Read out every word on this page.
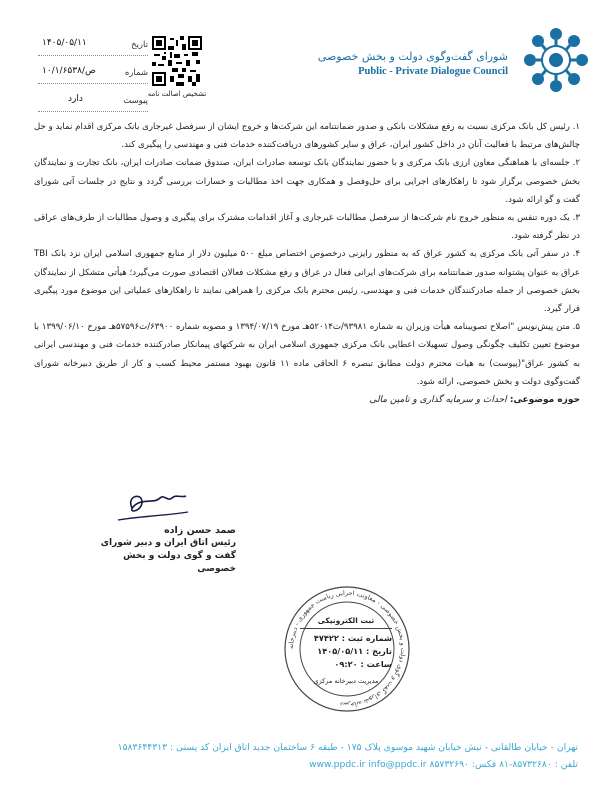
شورای گفت‌وگوی دولت و بخش خصوصی
Public - Private Dialogue Council
تاریخ
۱۴۰۵/۰۵/۱۱
شماره
ص/۱۰/۱/۶۵۳۸
پیوست
دارد	تشخیص اصالت نامه

۱. رئیس کل بانک مرکزی نسبت به رفع مشکلات بانکی و صدور ضمانتنامه این شرکت‌ها و خروج ایشان از سرفصل غیرجاری بانک مرکزی اقدام نماید و حل چالش‌های مرتبط با فعالیت آنان در داخل کشور ایران، عراق و سایر کشورهای دریافت‌کننده خدمات فنی و مهندسی را پیگیری کند.

۲. جلسه‌ای با هماهنگی معاون ارزی بانک مرکزی و با حضور نمایندگان بانک توسعه صادرات ایران، صندوق ضمانت صادرات ایران، بانک تجارت و نمایندگان بخش خصوصی برگزار شود تا راهکارهای اجرایی برای حل‌وفصل و همکاری جهت اخذ مطالبات و خسارات بررسی گردد و نتایج در جلسات آتی شورای گفت و گو ارائه شود.

۳. یک دوره تنفس به منظور خروج نام شرکت‌ها از سرفصل مطالبات غیرجاری و آغاز اقدامات مشترک برای پیگیری و وصول مطالبات از طرف‌های عراقی در نظر گرفته شود.

۴. در سفر آتی بانک مرکزی به کشور عراق که به منظور رایزنی درخصوص اختصاص مبلغ ۵۰۰ میلیون دلار از منابع جمهوری اسلامی ایران نزد بانک TBI عراق به عنوان پشتوانه صدور ضمانتنامه برای شرکت‌های ایرانی فعال در عراق و رفع مشکلات فعالان اقتصادی صورت می‌گیرد؛ هیأتی متشکل از نمایندگان بخش خصوصی از جمله صادرکنندگان خدمات فنی و مهندسی، رئیس محترم بانک مرکزی را همراهی نمایند تا راهکارهای عملیاتی این موضوع مورد پیگیری قرار گیرد.

۵. متن پیش‌نویس "اصلاح تصویبنامه هیأت وزیران به شماره ۹۳۹۸۱/ت۵۲۰۱۴هـ مورخ ۱۳۹۴/۰۷/۱۹ و مصوبه شماره ۶۳۹۰۰/ت۵۷۵۹۶هـ مورخ ۱۳۹۹/۰۶/۱۰ با موضوع تعیین تکلیف چگونگی وصول تسهیلات اعطایی بانک مرکزی جمهوری اسلامی ایران به شرکتهای پیمانکار صادرکننده خدمات فنی و مهندسی ایرانی به کشور عراق"(پیوست) به هیات محترم دولت مطابق تبصره ۶ الحاقی ماده ۱۱ قانون بهبود مستمر محیط کسب و کار از طریق دبیرخانه شورای گفت‌وگوی دولت و بخش خصوصی، ارائه شود.

حوزه موضوعی: احداث و سرمایه گذاری و تامین مالی

صمد حسن زاده
رئیس اتاق ایران و دبیر شورای
گفت و گوی دولت و بخش خصوصی
دبیرخانه شورای گفت و گوی دولت و بخش خصوصی - معاونت اجرایی ریاست جمهوری - دبیرخانه
ثبت الکترونیکی
شماره ثبت : ۴۷۴۲۲
تاریخ : ۱۴۰۵/۰۵/۱۱
ساعت : ۰۹:۲۰
مدیریت دبیرخانه مرکزی
تهران - خیابان طالقانی - نبش خیابان شهید موسوی پلاک ۱۷۵ - طبقه ۶ ساختمان جدید اتاق ایران کد پستی : ۱۵۸۳۶۴۴۳۱۳
تلفن : ۸۵۷۳۲۶۸۰-۸۱ فکس: ۸۵۷۳۲۶۹۰ www.ppdc.ir info@ppdc.ir
